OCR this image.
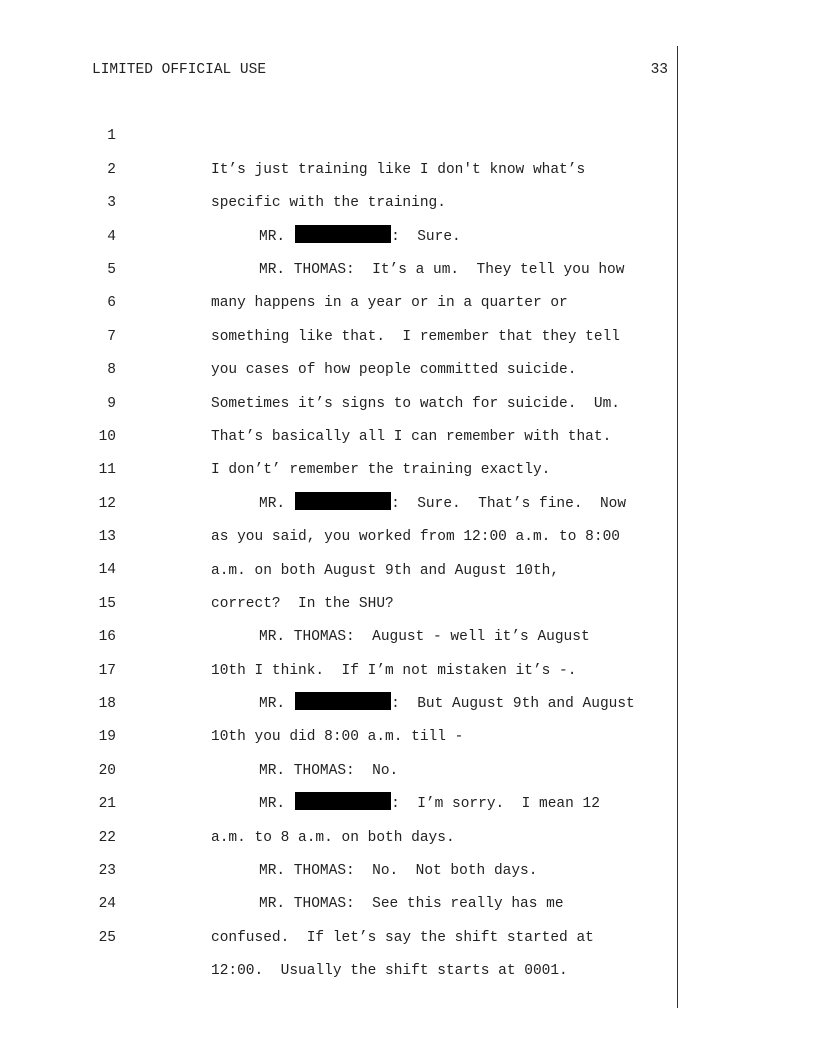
LIMITED OFFICIAL USE	33

1

It’s just training like I don't know what’s

2

specific with the training.

3

MR.	:  Sure.

4

MR. THOMAS:  It’s a um.  They tell you how

5

many happens in a year or in a quarter or

6

something like that.  I remember that they tell

7

you cases of how people committed suicide.

8

Sometimes it’s signs to watch for suicide.  Um.

9

That’s basically all I can remember with that.

10

I don’t’ remember the training exactly.

11

MR.	:  Sure.  That’s fine.  Now

12

as you said, you worked from 12:00 a.m. to 8:00

13

a.m. on both August 9th and August 10th,

14

correct?  In the SHU?

15

MR. THOMAS:  August - well it’s August

16

10th I think.  If I’m not mistaken it’s -.

17

MR.	:  But August 9th and August

18

10th you did 8:00 a.m. till -

19

MR. THOMAS:  No.

20

MR.	:  I’m sorry.  I mean 12

21

a.m. to 8 a.m. on both days.

22

MR. THOMAS:  No.  Not both days.

23

MR. THOMAS:  See this really has me

24

confused.  If let’s say the shift started at

25

12:00.  Usually the shift starts at 0001.
